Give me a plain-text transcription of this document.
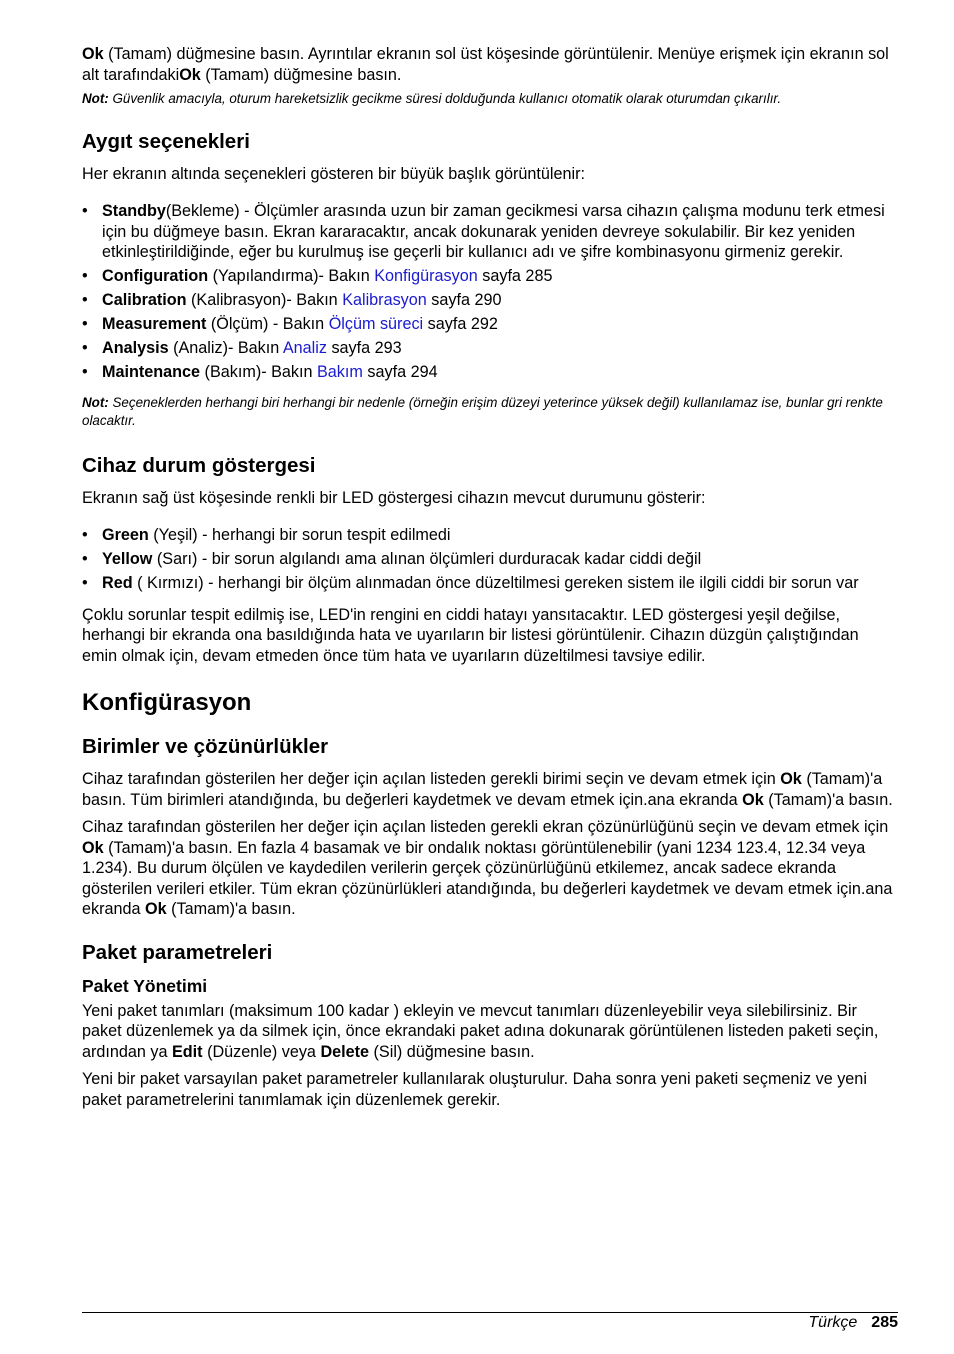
Ok (Tamam) düğmesine basın. Ayrıntılar ekranın sol üst köşesinde görüntülenir. Menüye erişmek için ekranın sol alt tarafındakiOk (Tamam) düğmesine basın.

Not: Güvenlik amacıyla, oturum hareketsizlik gecikme süresi dolduğunda kullanıcı otomatik olarak oturumdan çıkarılır.

Aygıt seçenekleri

Her ekranın altında seçenekleri gösteren bir büyük başlık görüntülenir:

• Standby(Bekleme) - Ölçümler arasında uzun bir zaman gecikmesi varsa cihazın çalışma modunu terk etmesi için bu düğmeye basın. Ekran kararacaktır, ancak dokunarak yeniden devreye sokulabilir. Bir kez yeniden etkinleştirildiğinde, eğer bu kurulmuş ise geçerli bir kullanıcı adı ve şifre kombinasyonu girmeniz gerekir.
• Configuration (Yapılandırma)- Bakın Konfigürasyon sayfa 285
• Calibration (Kalibrasyon)- Bakın Kalibrasyon sayfa 290
• Measurement (Ölçüm) - Bakın Ölçüm süreci sayfa 292
• Analysis (Analiz)- Bakın Analiz sayfa 293
• Maintenance (Bakım)- Bakın Bakım sayfa 294

Not: Seçeneklerden herhangi biri herhangi bir nedenle (örneğin erişim düzeyi yeterince yüksek değil) kullanılamaz ise, bunlar gri renkte olacaktır.

Cihaz durum göstergesi

Ekranın sağ üst köşesinde renkli bir LED göstergesi cihazın mevcut durumunu gösterir:

• Green (Yeşil) - herhangi bir sorun tespit edilmedi
• Yellow (Sarı) - bir sorun algılandı ama alınan ölçümleri durduracak kadar ciddi değil
• Red ( Kırmızı) - herhangi bir ölçüm alınmadan önce düzeltilmesi gereken sistem ile ilgili ciddi bir sorun var

Çoklu sorunlar tespit edilmiş ise, LED'in rengini en ciddi hatayı yansıtacaktır. LED göstergesi yeşil değilse, herhangi bir ekranda ona basıldığında hata ve uyarıların bir listesi görüntülenir. Cihazın düzgün çalıştığından emin olmak için, devam etmeden önce tüm hata ve uyarıların düzeltilmesi tavsiye edilir.

Konfigürasyon
Birimler ve çözünürlükler

Cihaz tarafından gösterilen her değer için açılan listeden gerekli birimi seçin ve devam etmek için Ok (Tamam)'a basın. Tüm birimleri atandığında, bu değerleri kaydetmek ve devam etmek için.ana ekranda Ok (Tamam)'a basın.

Cihaz tarafından gösterilen her değer için açılan listeden gerekli ekran çözünürlüğünü seçin ve devam etmek için Ok (Tamam)'a basın. En fazla 4 basamak ve bir ondalık noktası görüntülenebilir (yani 1234 123.4, 12.34 veya 1.234). Bu durum ölçülen ve kaydedilen verilerin gerçek çözünürlüğünü etkilemez, ancak sadece ekranda gösterilen verileri etkiler. Tüm ekran çözünürlükleri atandığında, bu değerleri kaydetmek ve devam etmek için.ana ekranda Ok (Tamam)'a basın.

Paket parametreleri
Paket Yönetimi

Yeni paket tanımları (maksimum 100 kadar ) ekleyin ve mevcut tanımları düzenleyebilir veya silebilirsiniz. Bir paket düzenlemek ya da silmek için, önce ekrandaki paket adına dokunarak görüntülenen listeden paketi seçin, ardından ya Edit (Düzenle) veya Delete (Sil) düğmesine basın.

Yeni bir paket varsayılan paket parametreler kullanılarak oluşturulur. Daha sonra yeni paketi seçmeniz ve yeni paket parametrelerini tanımlamak için düzenlemek gerekir.

Türkçe 285
